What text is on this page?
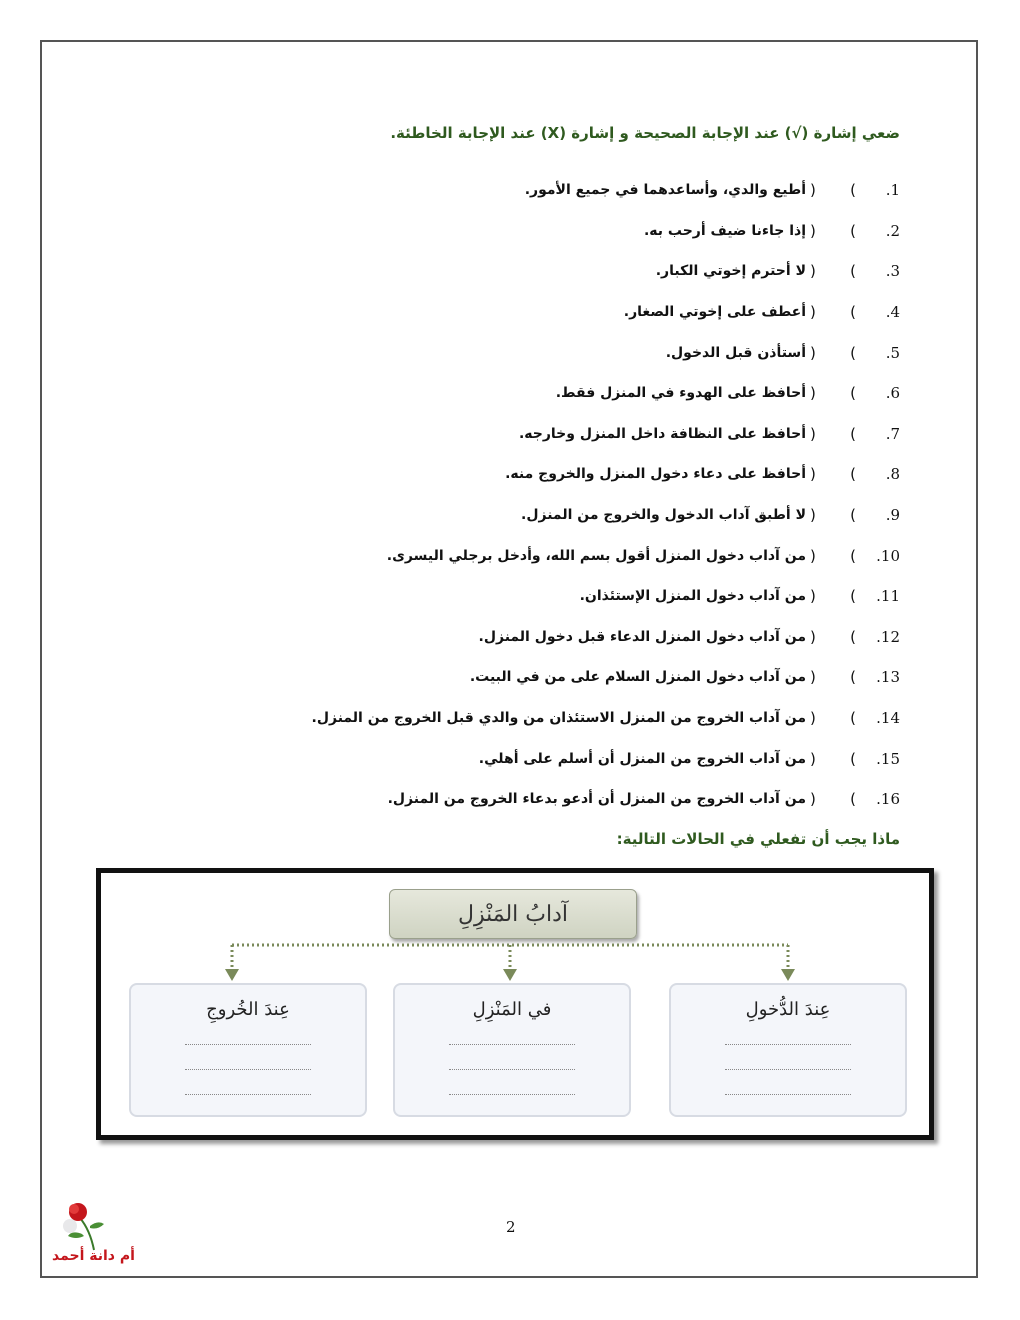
ضعي إشارة (√) عند الإجابة الصحيحة و إشارة (X) عند الإجابة الخاطئة.
.1
) (
أطيع والدي، وأساعدهما في جميع الأمور.
.2
) (
إذا جاءنا ضيف أرحب به.
.3
) (
لا أحترم إخوتي الكبار.
.4
) (
أعطف على إخوتي الصغار.
.5
) (
أستأذن قبل الدخول.
.6
) (
أحافظ على الهدوء في المنزل فقط.
.7
) (
أحافظ على النظافة داخل المنزل وخارجه.
.8
) (
أحافظ على دعاء دخول المنزل والخروج منه.
.9
) (
لا أطبق آداب الدخول والخروج من المنزل.
.10
) (
من آداب دخول المنزل أقول بسم الله، وأدخل برجلي اليسرى.
.11
) (
من آداب دخول المنزل الإستئذان.
.12
) (
من آداب دخول المنزل الدعاء قبل دخول المنزل.
.13
) (
من آداب دخول المنزل السلام على من في البيت.
.14
) (
من آداب الخروج من المنزل الاستئذان من والدي قبل الخروج من المنزل.
.15
) (
من آداب الخروج من المنزل أن أسلم على أهلي.
.16
) (
من آداب الخروج من المنزل أن أدعو بدعاء الخروج من المنزل.
ماذا يجب أن تفعلي في الحالات التالية:
آدابُ المَنْزِلِ
عِندَ الخُروجِ	في المَنْزِلِ	عِندَ الدُّخولِ
2
أم دانة أحمد
